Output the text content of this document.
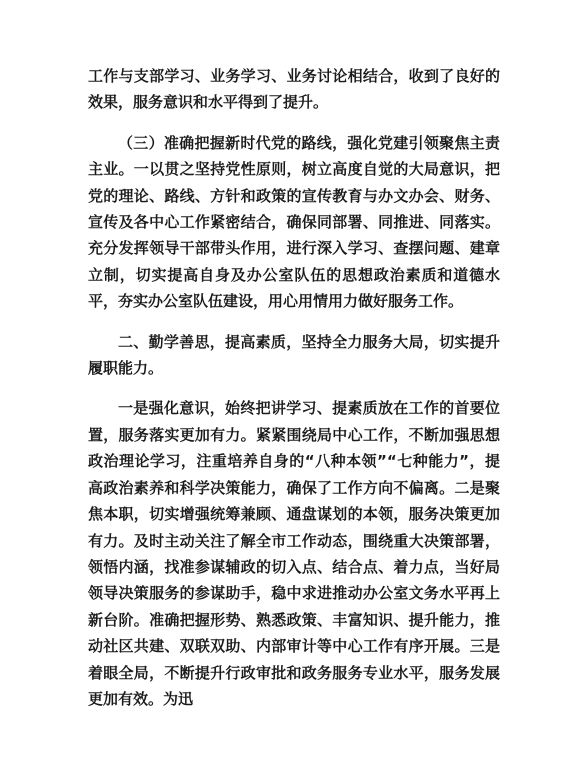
工作与支部学习、业务学习、业务讨论相结合，收到了良好的效果，服务意识和水平得到了提升。

（三）准确把握新时代党的路线，强化党建引领聚焦主责主业。一以贯之坚持党性原则，树立高度自觉的大局意识，把党的理论、路线、方针和政策的宣传教育与办文办会、财务、宣传及各中心工作紧密结合，确保同部署、同推进、同落实。充分发挥领导干部带头作用，进行深入学习、查摆问题、建章立制，切实提高自身及办公室队伍的思想政治素质和道德水平，夯实办公室队伍建设，用心用情用力做好服务工作。

二、勤学善思，提高素质，坚持全力服务大局，切实提升履职能力。

一是强化意识，始终把讲学习、提素质放在工作的首要位置，服务落实更加有力。紧紧围绕局中心工作，不断加强思想政治理论学习，注重培养自身的“八种本领”“七种能力”，提高政治素养和科学决策能力，确保了工作方向不偏离。二是聚焦本职，切实增强统筹兼顾、通盘谋划的本领，服务决策更加有力。及时主动关注了解全市工作动态，围绕重大决策部署，领悟内涵，找准参谋辅政的切入点、结合点、着力点，当好局领导决策服务的参谋助手，稳中求进推动办公室文务水平再上新台阶。准确把握形势、熟悉政策、丰富知识、提升能力，推动社区共建、双联双助、内部审计等中心工作有序开展。三是着眼全局，不断提升行政审批和政务服务专业水平，服务发展更加有效。为迅
